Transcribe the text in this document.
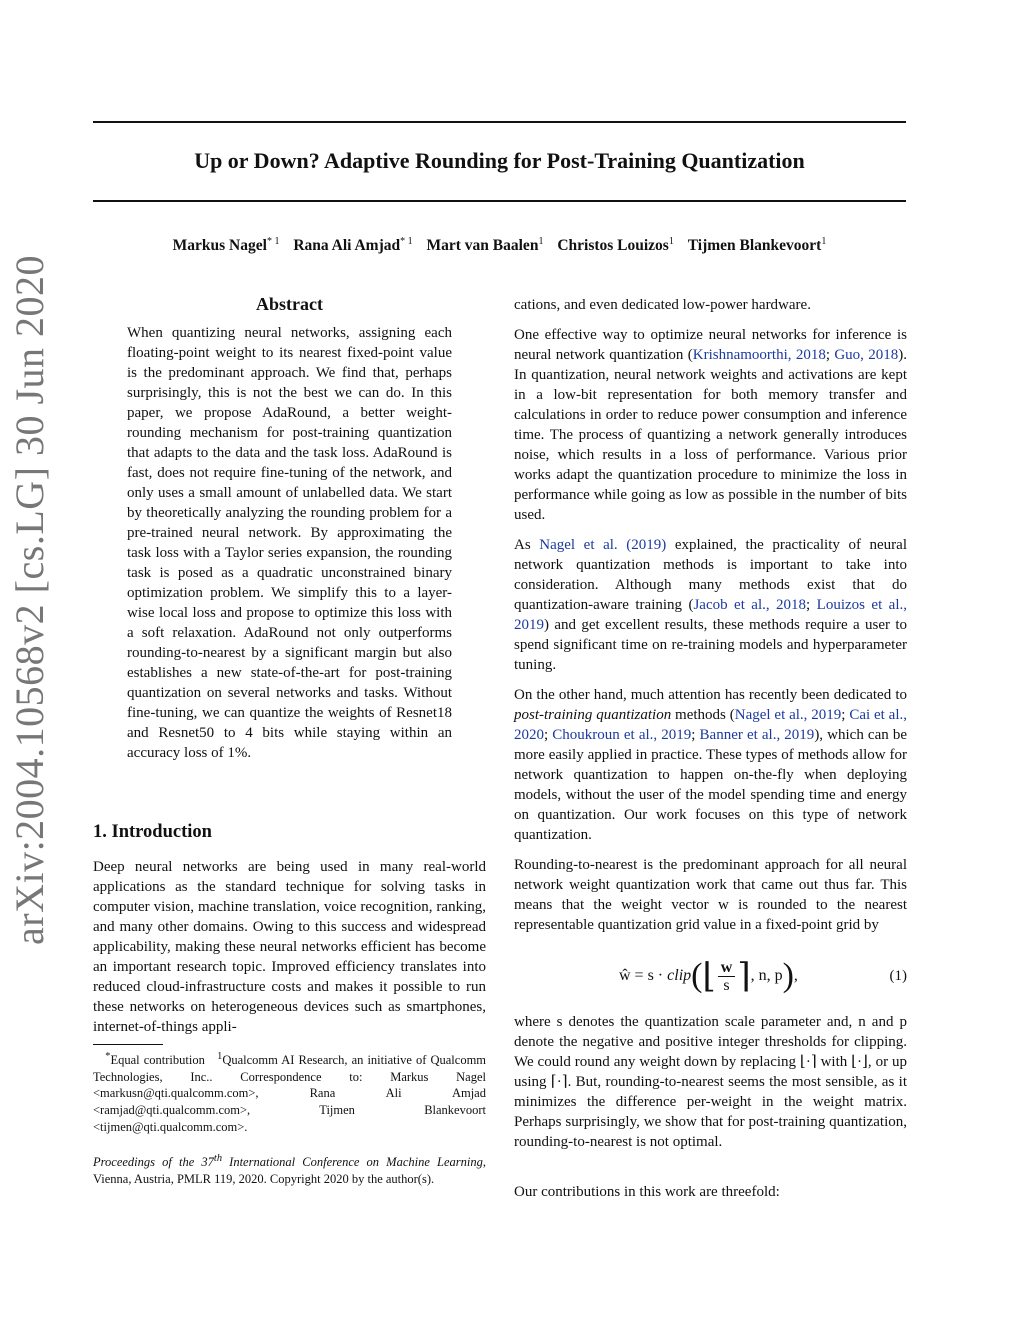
Up or Down? Adaptive Rounding for Post-Training Quantization
Markus Nagel$^{* 1}$ Rana Ali Amjad$^{* 1}$ Mart van Baalen$^1$ Christos Louizos$^1$ Tijmen Blankevoort$^1$
arXiv:2004.10568v2 [cs.LG] 30 Jun 2020	Abstract

When quantizing neural networks, assigning each floating-point weight to its nearest fixed-point value is the predominant approach. We find that, perhaps surprisingly, this is not the best we can do. In this paper, we propose AdaRound, a better weight-rounding mechanism for post-training quantization that adapts to the data and the task loss. AdaRound is fast, does not require fine-tuning of the network, and only uses a small amount of unlabelled data. We start by theoretically analyzing the rounding problem for a pre-trained neural network. By approximating the task loss with a Taylor series expansion, the rounding task is posed as a quadratic unconstrained binary optimization problem. We simplify this to a layer-wise local loss and propose to optimize this loss with a soft relaxation. AdaRound not only outperforms rounding-to-nearest by a significant margin but also establishes a new state-of-the-art for post-training quantization on several networks and tasks. Without fine-tuning, we can quantize the weights of Resnet18 and Resnet50 to 4 bits while staying within an accuracy loss of 1%.

1. Introduction

Deep neural networks are being used in many real-world applications as the standard technique for solving tasks in computer vision, machine translation, voice recognition, ranking, and many other domains. Owing to this success and widespread applicability, making these neural networks efficient has become an important research topic. Improved efficiency translates into reduced cloud-infrastructure costs and makes it possible to run these networks on heterogeneous devices such as smartphones, internet-of-things appli-

*Equal contribution $^1$Qualcomm AI Research, an initiative of Qualcomm Technologies, Inc.. Correspondence to: Markus Nagel <markusn@qti.qualcomm.com>, Rana Ali Amjad <ramjad@qti.qualcomm.com>, Tijmen Blankevoort <tijmen@qti.qualcomm.com>.

Proceedings of the 37th International Conference on Machine Learning, Vienna, Austria, PMLR 119, 2020. Copyright 2020 by the author(s).

cations, and even dedicated low-power hardware.

One effective way to optimize neural networks for inference is neural network quantization (Krishnamoorthi, 2018; Guo, 2018). In quantization, neural network weights and activations are kept in a low-bit representation for both memory transfer and calculations in order to reduce power consumption and inference time. The process of quantizing a network generally introduces noise, which results in a loss of performance. Various prior works adapt the quantization procedure to minimize the loss in performance while going as low as possible in the number of bits used.

As Nagel et al. (2019) explained, the practicality of neural network quantization methods is important to take into consideration. Although many methods exist that do quantization-aware training (Jacob et al., 2018; Louizos et al., 2019) and get excellent results, these methods require a user to spend significant time on re-training models and hyperparameter tuning.

On the other hand, much attention has recently been dedicated to post-training quantization methods (Nagel et al., 2019; Cai et al., 2020; Choukroun et al., 2019; Banner et al., 2019), which can be more easily applied in practice. These types of methods allow for network quantization to happen on-the-fly when deploying models, without the user of the model spending time and energy on quantization. Our work focuses on this type of network quantization.

Rounding-to-nearest is the predominant approach for all neural network weight quantization work that came out thus far. This means that the weight vector w is rounded to the nearest representable quantization grid value in a fixed-point grid by

ŵ = s · clip(⌊ $\frac{w}{s}$ ⌉, n, p),	(1)

where s denotes the quantization scale parameter and, n and p denote the negative and positive integer thresholds for clipping. We could round any weight down by replacing ⌊·⌉ with ⌊·⌋, or up using ⌈·⌉. But, rounding-to-nearest seems the most sensible, as it minimizes the difference per-weight in the weight matrix. Perhaps surprisingly, we show that for post-training quantization, rounding-to-nearest is not optimal.

Our contributions in this work are threefold:
